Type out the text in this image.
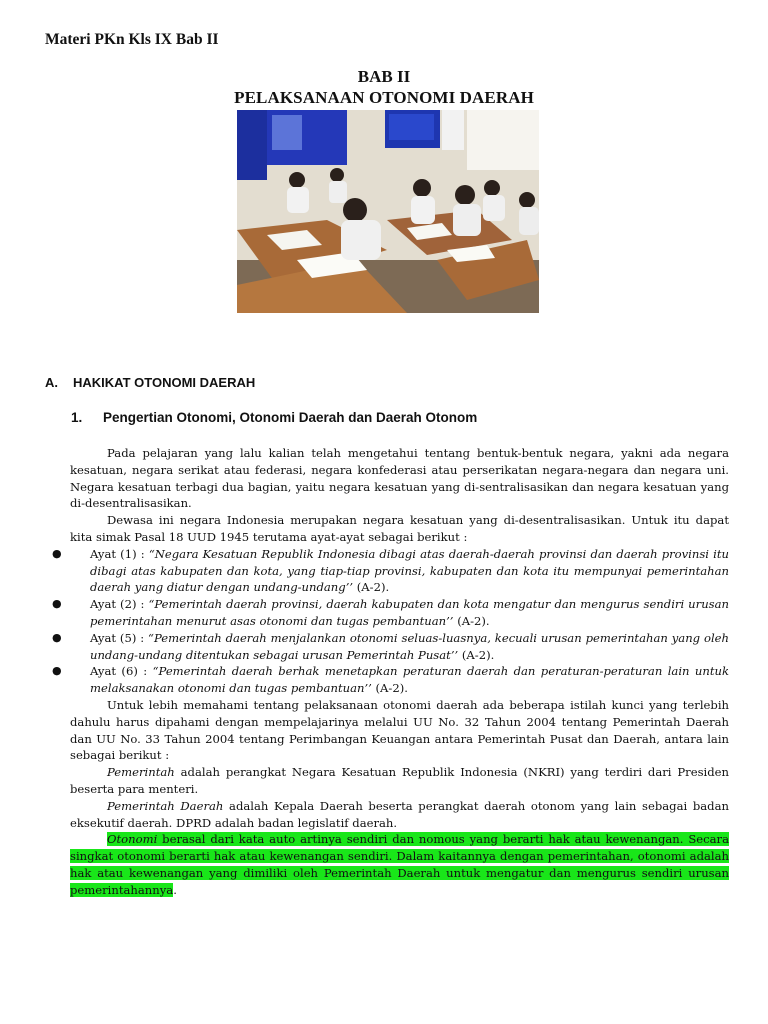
Materi PKn Kls IX Bab II
BAB II
PELAKSANAAN OTONOMI DAERAH
A. HAKIKAT OTONOMI DAERAH
1. Pengertian Otonomi, Otonomi Daerah dan Daerah Otonom

Pada pelajaran yang lalu kalian telah mengetahui tentang bentuk-bentuk negara, yakni ada negara kesatuan, negara serikat atau federasi, negara konfederasi atau perserikatan negara-negara dan negara uni. Negara kesatuan terbagi dua bagian, yaitu negara kesatuan yang di-sentralisasikan dan negara kesatuan yang di-desentralisasikan.

Dewasa ini negara Indonesia merupakan negara kesatuan yang di-desentralisasikan. Untuk itu dapat kita simak Pasal 18 UUD 1945 terutama ayat-ayat sebagai berikut :

● Ayat (1) : “Negara Kesatuan Republik Indonesia dibagi atas daerah-daerah provinsi dan daerah provinsi itu dibagi atas kabupaten dan kota, yang tiap-tiap provinsi, kabupaten dan kota itu mempunyai pemerintahan daerah yang diatur dengan undang-undang’’ (A-2).
● Ayat (2) : “Pemerintah daerah provinsi, daerah kabupaten dan kota mengatur dan mengurus sendiri urusan pemerintahan menurut asas otonomi dan tugas pembantuan’’ (A-2).
● Ayat (5) : “Pemerintah daerah menjalankan otonomi seluas-luasnya, kecuali urusan pemerintahan yang oleh undang-undang ditentukan sebagai urusan Pemerintah Pusat’’ (A-2).
● Ayat (6) : “Pemerintah daerah berhak menetapkan peraturan daerah dan peraturan-peraturan lain untuk melaksanakan otonomi dan tugas pembantuan’’ (A-2).

Untuk lebih memahami tentang pelaksanaan otonomi daerah ada beberapa istilah kunci yang terlebih dahulu harus dipahami dengan mempelajarinya melalui UU No. 32 Tahun 2004 tentang Pemerintah Daerah dan UU No. 33 Tahun 2004 tentang Perimbangan Keuangan antara Pemerintah Pusat dan Daerah, antara lain sebagai berikut :

Pemerintah adalah perangkat Negara Kesatuan Republik Indonesia (NKRI) yang terdiri dari Presiden beserta para menteri.

Pemerintah Daerah adalah Kepala Daerah beserta perangkat daerah otonom yang lain sebagai badan eksekutif daerah. DPRD adalah badan legislatif daerah.

Otonomi berasal dari kata auto artinya sendiri dan nomous yang berarti hak atau kewenangan. Secara singkat otonomi berarti hak atau kewenangan sendiri. Dalam kaitannya dengan pemerintahan, otonomi adalah hak atau kewenangan yang dimiliki oleh Pemerintah Daerah untuk mengatur dan mengurus sendiri urusan pemerintahannya.
